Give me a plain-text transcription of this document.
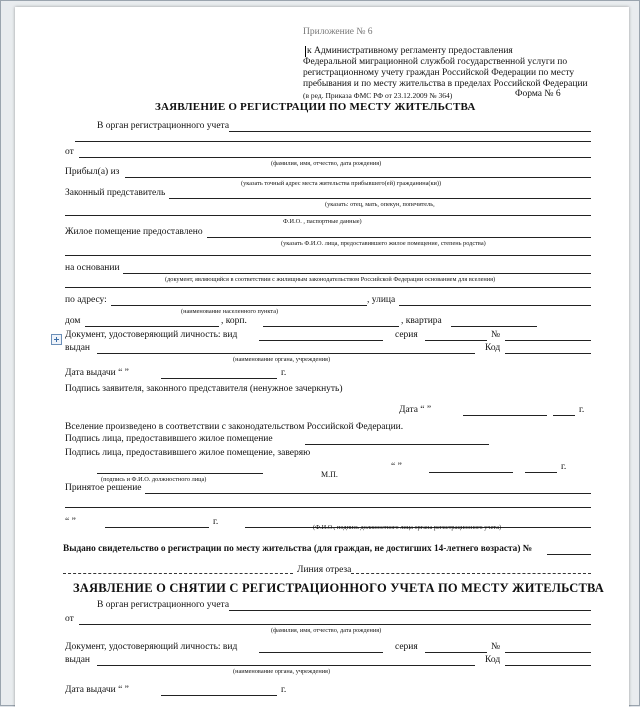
Приложение № 6
к Административному регламенту предоставления
Федеральной миграционной службой государственной услуги по
регистрационному учету граждан Российской Федерации по месту
пребывания и по месту жительства в пределах Российской Федерации
(в ред. Приказа ФМС РФ от 23.12.2009 № 364)	Форма № 6
ЗАЯВЛЕНИЕ О РЕГИСТРАЦИИ ПО МЕСТУ ЖИТЕЛЬСТВА
В орган регистрационного учета
от
(фамилия, имя, отчество, дата рождения)
Прибыл(а) из
(указать точный адрес места жительства прибывшего(ей) гражданина(ки))
Законный представитель
(указать: отец, мать, опекун, попечитель,
Ф.И.О. , паспортные данные)
Жилое помещение предоставлено
(указать Ф.И.О. лица, предоставившего жилое помещение, степень родства)
на основании
(документ, являющийся в соответствии с жилищным законодательством Российской Федерации основанием для вселения)
по адресу:	, улица
(наименование населенного пункта)
дом	, корп.	, квартира
Документ, удостоверяющий личность: вид	серия	№
выдан	Код
(наименование органа, учреждения)
Дата выдачи “ ”	г.
Подпись заявителя, законного представителя (ненужное зачеркнуть)
Дата “ ”	г.
Вселение произведено в соответствии с законодательством Российской Федерации.
Подпись лица, предоставившего жилое помещение
Подпись лица, предоставившего жилое помещение, заверяю
(подпись и Ф.И.О. должностного лица)
М.П.
“ ”	г.
Принятое решение
“ ”	г.
(Ф.И.О., подпись должностного лица органа регистрационного учета)
Выдано свидетельство о регистрации по месту жительства (для граждан, не достигших 14-летнего возраста) №
Линия отреза
ЗАЯВЛЕНИЕ О СНЯТИИ С РЕГИСТРАЦИОННОГО УЧЕТА ПО МЕСТУ ЖИТЕЛЬСТВА
В орган регистрационного учета
от
(фамилия, имя, отчество, дата рождения)
Документ, удостоверяющий личность: вид	серия	№
выдан	Код
(наименование органа, учреждения)
Дата выдачи “ ”	г.
